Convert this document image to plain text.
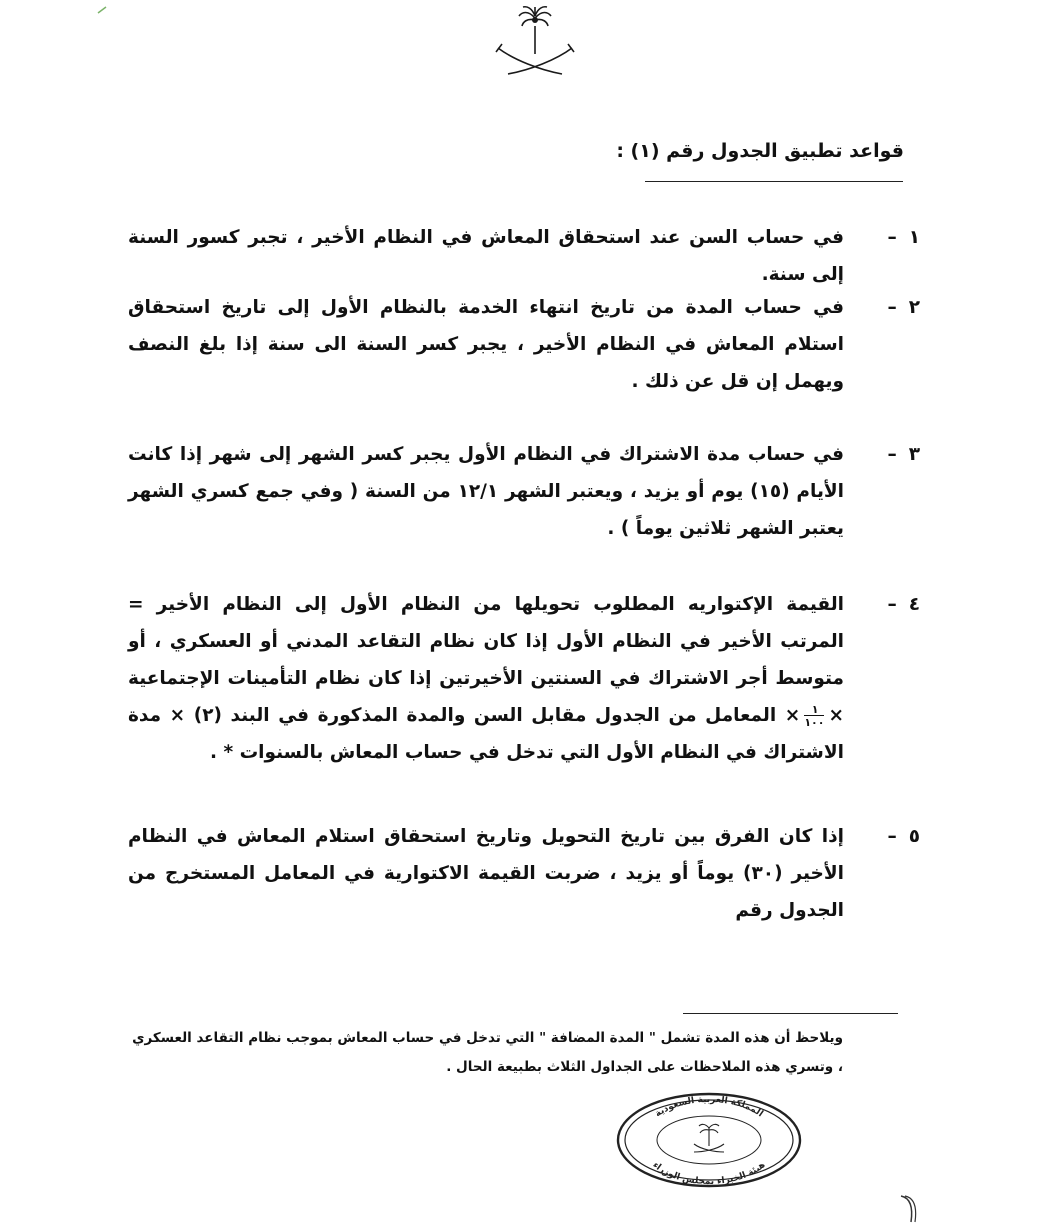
قواعد تطبيق الجدول رقم (١) :
١–
في حساب السن عند استحقاق المعاش في النظام الأخير ، تجبر كسور السنة إلى سنة.
٢–
في حساب المدة من تاريخ انتهاء الخدمة بالنظام الأول إلى تاريخ استحقاق استلام المعاش في النظام الأخير ، يجبر كسر السنة الى سنة إذا بلغ النصف ويهمل إن قل عن ذلك .
٣–
في حساب مدة الاشتراك في النظام الأول يجبر كسر الشهر إلى شهر إذا كانت الأيام (١٥) يوم أو يزيد ، ويعتبر الشهر ١٢/١ من السنة ( وفي جمع كسري الشهر يعتبر الشهر ثلاثين يوماً ) .
٤–
القيمة الإكتواريه المطلوب تحويلها من النظام الأول إلى النظام الأخير = المرتب الأخير في النظام الأول إذا كان نظام التقاعد المدني أو العسكري ، أو متوسط أجر الاشتراك في السنتين الأخيرتين إذا كان نظام التأمينات الإجتماعية ×
$\frac{١}{١٠٠}$
× المعامل من الجدول مقابل السن والمدة المذكورة في البند (٢) × مدة الاشتراك في النظام الأول التي تدخل في حساب المعاش بالسنوات * .
٥–
إذا كان الفرق بين تاريخ التحويل وتاريخ استحقاق استلام المعاش في النظام الأخير (٣٠) يوماً أو يزيد ، ضربت القيمة الاكتوارية في المعامل المستخرج من الجدول رقم
ويلاحظ أن هذه المدة تشمل " المدة المضافة " التي تدخل في حساب المعاش بموجب نظام التقاعد العسكري
، وتسري هذه الملاحظات على الجداول الثلاث بطبيعة الحال .
المملكة العربية السعودية
هيئة الخبراء بمجلس الوزراء
